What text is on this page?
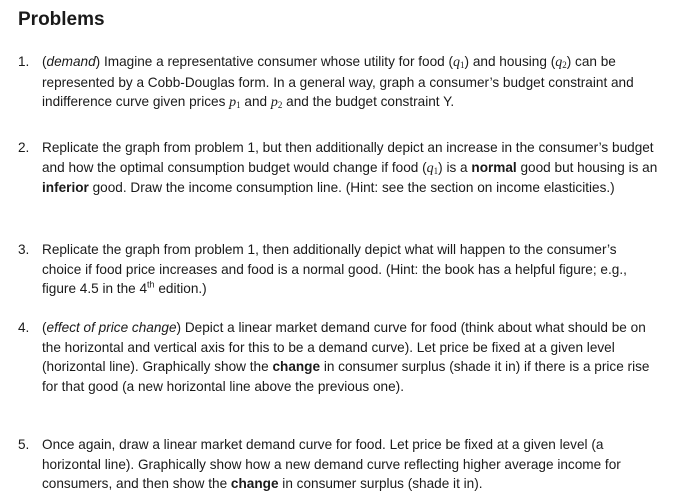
Problems
1. (demand) Imagine a representative consumer whose utility for food $(q_1)$ and housing $(q_2)$ can be represented by a Cobb-Douglas form. In a general way, graph a consumer’s budget constraint and indifference curve given prices $p_1$ and $p_2$ and the budget constraint Y.
2. Replicate the graph from problem 1, but then additionally depict an increase in the consumer’s budget and how the optimal consumption budget would change if food $(q_1)$ is a normal good but housing is an inferior good. Draw the income consumption line. (Hint: see the section on income elasticities.)
3. Replicate the graph from problem 1, then additionally depict what will happen to the consumer’s choice if food price increases and food is a normal good. (Hint: the book has a helpful figure; e.g., figure 4.5 in the 4th edition.)
4. (effect of price change) Depict a linear market demand curve for food (think about what should be on the horizontal and vertical axis for this to be a demand curve). Let price be fixed at a given level (horizontal line). Graphically show the change in consumer surplus (shade it in) if there is a price rise for that good (a new horizontal line above the previous one).
5. Once again, draw a linear market demand curve for food. Let price be fixed at a given level (a horizontal line). Graphically show how a new demand curve reflecting higher average income for consumers, and then show the change in consumer surplus (shade it in).
